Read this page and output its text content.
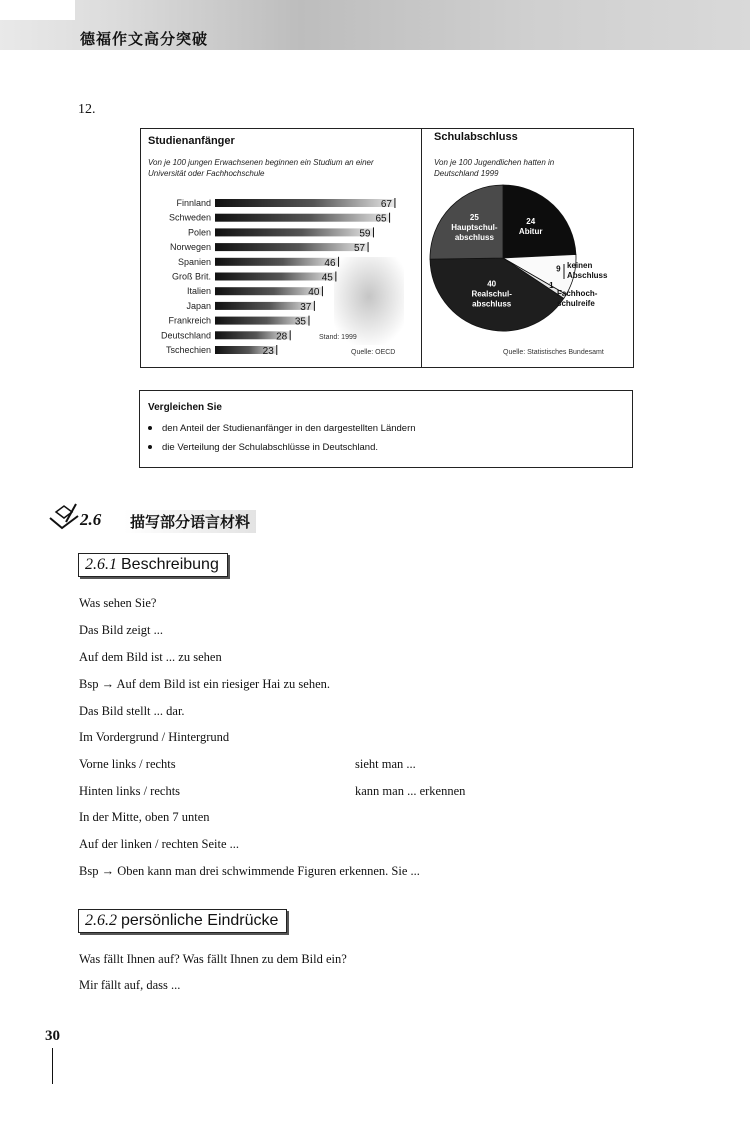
德福作文高分突破
12.
Studienanfänger
Von je 100 jungen Erwachsenen beginnen ein Studium an einer Universität oder Fachhochschule
Finnland	67
Schweden	65
Polen	59
Norwegen	57
Spanien	46
Groß Brit.	45
Italien	40
Japan	37
Frankreich	35
Deutschland	28
Tschechien	23
Stand: 1999
Quelle: OECD
Schulabschluss
Von je 100 Jugendlichen hatten in Deutschland 1999
24 Abitur
9
1
40 Realschul-abschluss
25 Hauptschul-abschluss
keinen Abschluss
Fachhoch-schulreife
Quelle: Statistisches Bundesamt
Vergleichen Sie
den Anteil der Studienanfänger in den dargestellten Ländern
die Verteilung der Schulabschlüsse in Deutschland.
2.6	描写部分语言材料
2.6.1 Beschreibung
Was sehen Sie?
Das Bild zeigt ...
Auf dem Bild ist ... zu sehen
Bsp → Auf dem Bild ist ein riesiger Hai zu sehen.
Das Bild stellt ... dar.
Im Vordergrund / Hintergrund
Vorne links / rechts	sieht man ...
Hinten links / rechts	kann man ... erkennen
In der Mitte, oben 7 unten
Auf der linken / rechten Seite ...
Bsp → Oben kann man drei schwimmende Figuren erkennen. Sie ...
2.6.2 persönliche Eindrücke
Was fällt Ihnen auf? Was fällt Ihnen zu dem Bild ein?
Mir fällt auf, dass ...
30
